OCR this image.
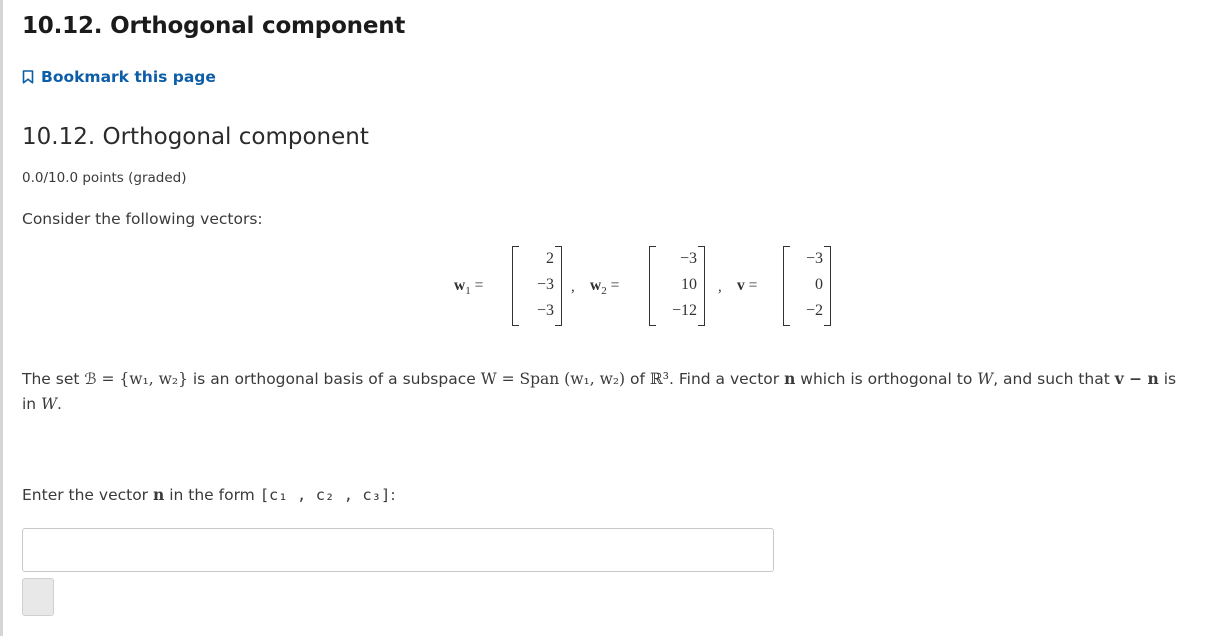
10.12. Orthogonal component
Bookmark this page
10.12. Orthogonal component
0.0/10.0 points (graded)
Consider the following vectors:
$w_1$ =
2
−3
−3
, $w_2$ =
−3
10
−12
, v =
−3
0
−2
The set ℬ = {w₁, w₂} is an orthogonal basis of a subspace W = Span (w₁, w₂) of ℝ³. Find a vector n which is orthogonal to W, and such that v − n is in W.
Enter the vector n in the form [c₁ , c₂ , c₃]:
